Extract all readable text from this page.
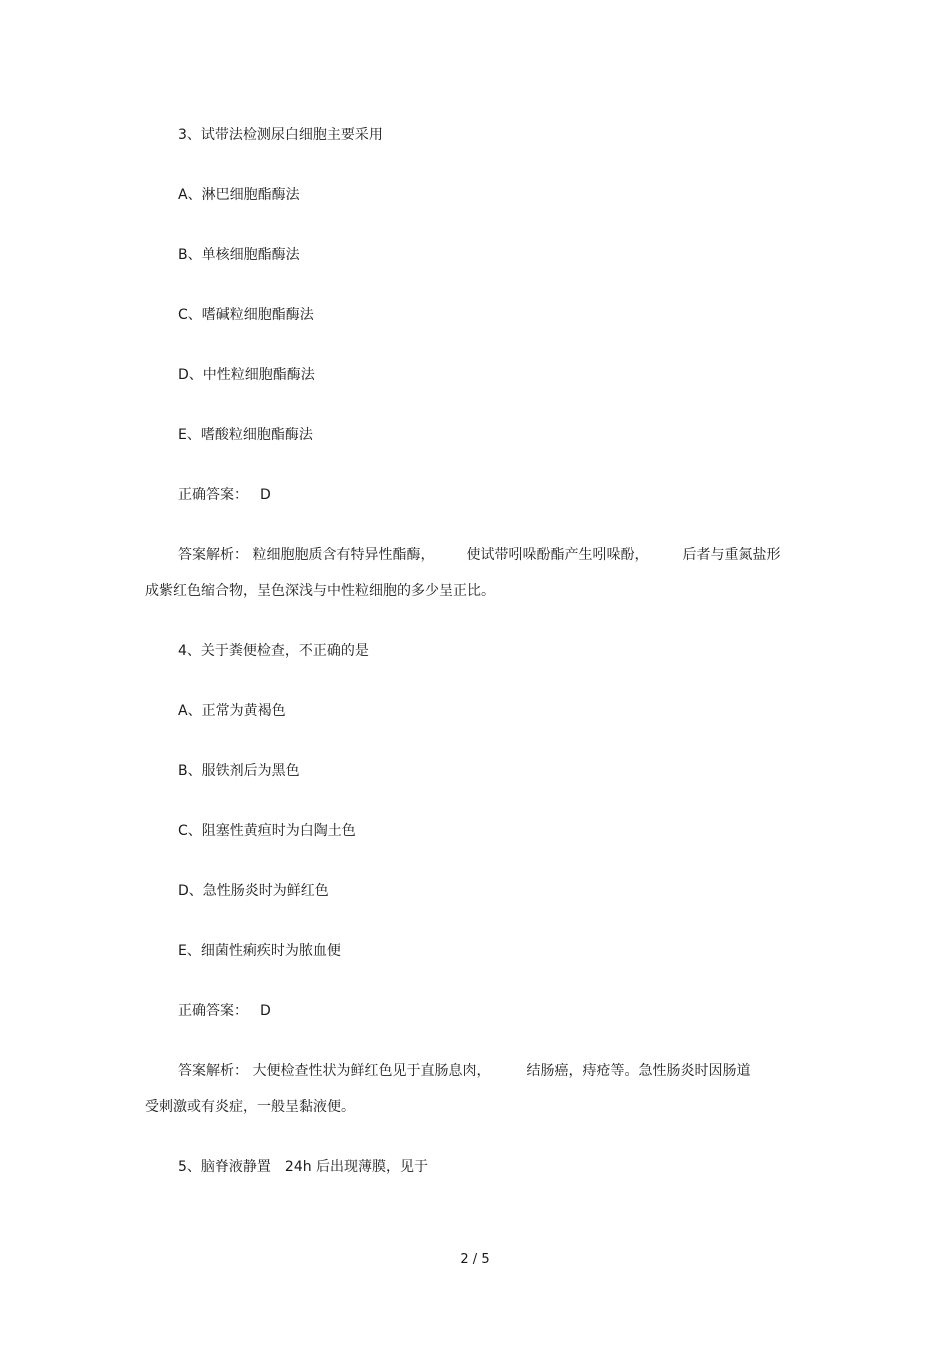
3、试带法检测尿白细胞主要采用
A、淋巴细胞酯酶法
B、单核细胞酯酶法
C、嗜碱粒细胞酯酶法
D、中性粒细胞酯酶法
E、嗜酸粒细胞酯酶法
正确答案： D
答案解析： 粒细胞胞质含有特异性酯酶， 使试带吲哚酚酯产生吲哚酚， 后者与重氮盐形
成紫红色缩合物，呈色深浅与中性粒细胞的多少呈正比。
4、关于粪便检查，不正确的是
A、正常为黄褐色
B、服铁剂后为黑色
C、阻塞性黄疸时为白陶土色
D、急性肠炎时为鲜红色
E、细菌性痢疾时为脓血便
正确答案： D
答案解析： 大便检查性状为鲜红色见于直肠息肉，	结肠癌，痔疮等。急性肠炎时因肠道
受刺激或有炎症，一般呈黏液便。
5、脑脊液静置 24h 后出现薄膜，见于
2 / 5
